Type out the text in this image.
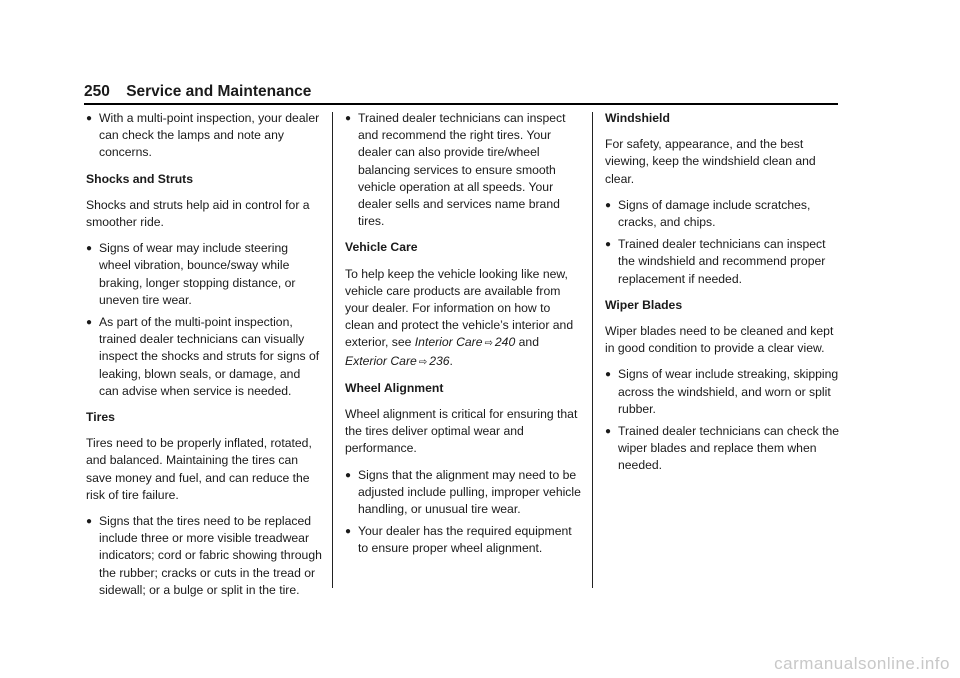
250 Service and Maintenance
● With a multi-point inspection, your dealer can check the lamps and note any concerns.
Shocks and Struts

Shocks and struts help aid in control for a smoother ride.

● Signs of wear may include steering wheel vibration, bounce/sway while braking, longer stopping distance, or uneven tire wear.
● As part of the multi-point inspection, trained dealer technicians can visually inspect the shocks and struts for signs of leaking, blown seals, or damage, and can advise when service is needed.
Tires

Tires need to be properly inflated, rotated, and balanced. Maintaining the tires can save money and fuel, and can reduce the risk of tire failure.

● Signs that the tires need to be replaced include three or more visible treadwear indicators; cord or fabric showing through the rubber; cracks or cuts in the tread or sidewall; or a bulge or split in the tire.
● Trained dealer technicians can inspect and recommend the right tires. Your dealer can also provide tire/wheel balancing services to ensure smooth vehicle operation at all speeds. Your dealer sells and services name brand tires.
Vehicle Care

To help keep the vehicle looking like new, vehicle care products are available from your dealer. For information on how to clean and protect the vehicle’s interior and exterior, see Interior Care ⇨ 240 and Exterior Care ⇨ 236.

Wheel Alignment

Wheel alignment is critical for ensuring that the tires deliver optimal wear and performance.

● Signs that the alignment may need to be adjusted include pulling, improper vehicle handling, or unusual tire wear.
● Your dealer has the required equipment to ensure proper wheel alignment.
Windshield

For safety, appearance, and the best viewing, keep the windshield clean and clear.

● Signs of damage include scratches, cracks, and chips.
● Trained dealer technicians can inspect the windshield and recommend proper replacement if needed.
Wiper Blades

Wiper blades need to be cleaned and kept in good condition to provide a clear view.

● Signs of wear include streaking, skipping across the windshield, and worn or split rubber.
● Trained dealer technicians can check the wiper blades and replace them when needed.
carmanualsonline.info
